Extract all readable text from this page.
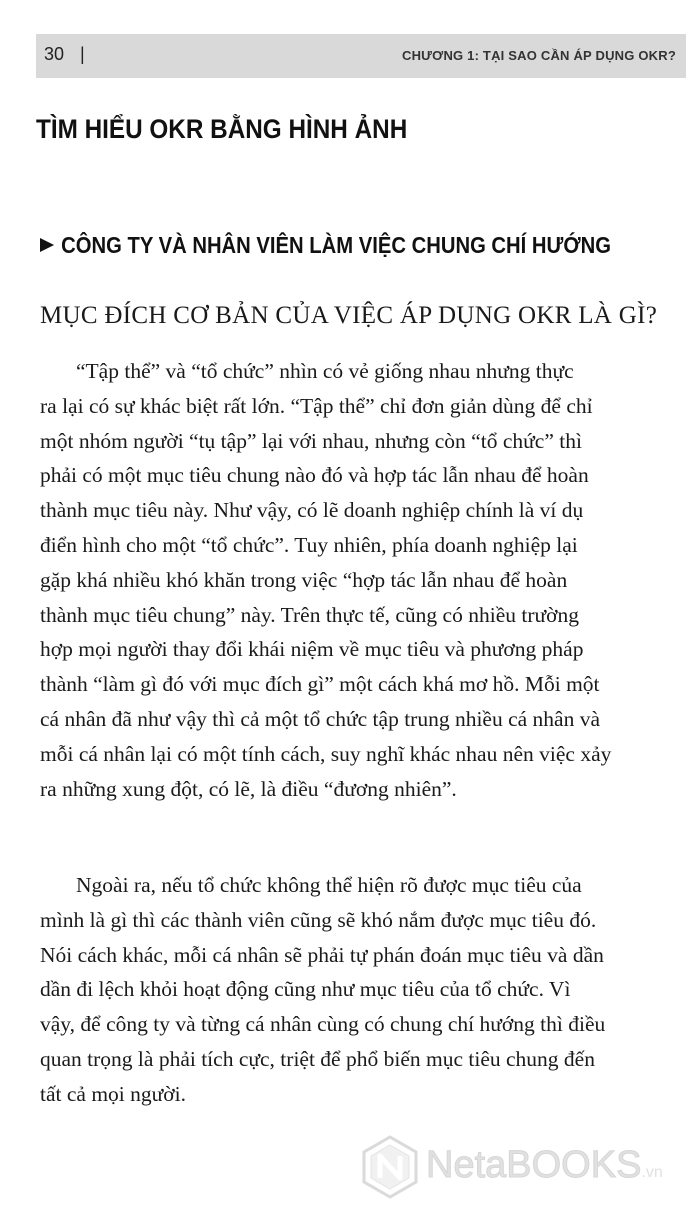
30 |	CHƯƠNG 1: TẠI SAO CẦN ÁP DỤNG OKR?
TÌM HIỂU OKR BẰNG HÌNH ẢNH
CÔNG TY VÀ NHÂN VIÊN LÀM VIỆC CHUNG CHÍ HƯỚNG
MỤC ĐÍCH CƠ BẢN CỦA VIỆC ÁP DỤNG OKR LÀ GÌ?
“Tập thể” và “tổ chức” nhìn có vẻ giống nhau nhưng thực
ra lại có sự khác biệt rất lớn. “Tập thể” chỉ đơn giản dùng để chỉ
một nhóm người “tụ tập” lại với nhau, nhưng còn “tổ chức” thì
phải có một mục tiêu chung nào đó và hợp tác lẫn nhau để hoàn
thành mục tiêu này. Như vậy, có lẽ doanh nghiệp chính là ví dụ
điển hình cho một “tổ chức”. Tuy nhiên, phía doanh nghiệp lại
gặp khá nhiều khó khăn trong việc “hợp tác lẫn nhau để hoàn
thành mục tiêu chung” này. Trên thực tế, cũng có nhiều trường
hợp mọi người thay đổi khái niệm về mục tiêu và phương pháp
thành “làm gì đó với mục đích gì” một cách khá mơ hồ. Mỗi một
cá nhân đã như vậy thì cả một tổ chức tập trung nhiều cá nhân và
mỗi cá nhân lại có một tính cách, suy nghĩ khác nhau nên việc xảy
ra những xung đột, có lẽ, là điều “đương nhiên”.
Ngoài ra, nếu tổ chức không thể hiện rõ được mục tiêu của
mình là gì thì các thành viên cũng sẽ khó nắm được mục tiêu đó.
Nói cách khác, mỗi cá nhân sẽ phải tự phán đoán mục tiêu và dần
dần đi lệch khỏi hoạt động cũng như mục tiêu của tổ chức. Vì
vậy, để công ty và từng cá nhân cùng có chung chí hướng thì điều
quan trọng là phải tích cực, triệt để phổ biến mục tiêu chung đến
tất cả mọi người.
NetaBOOKS.vn
